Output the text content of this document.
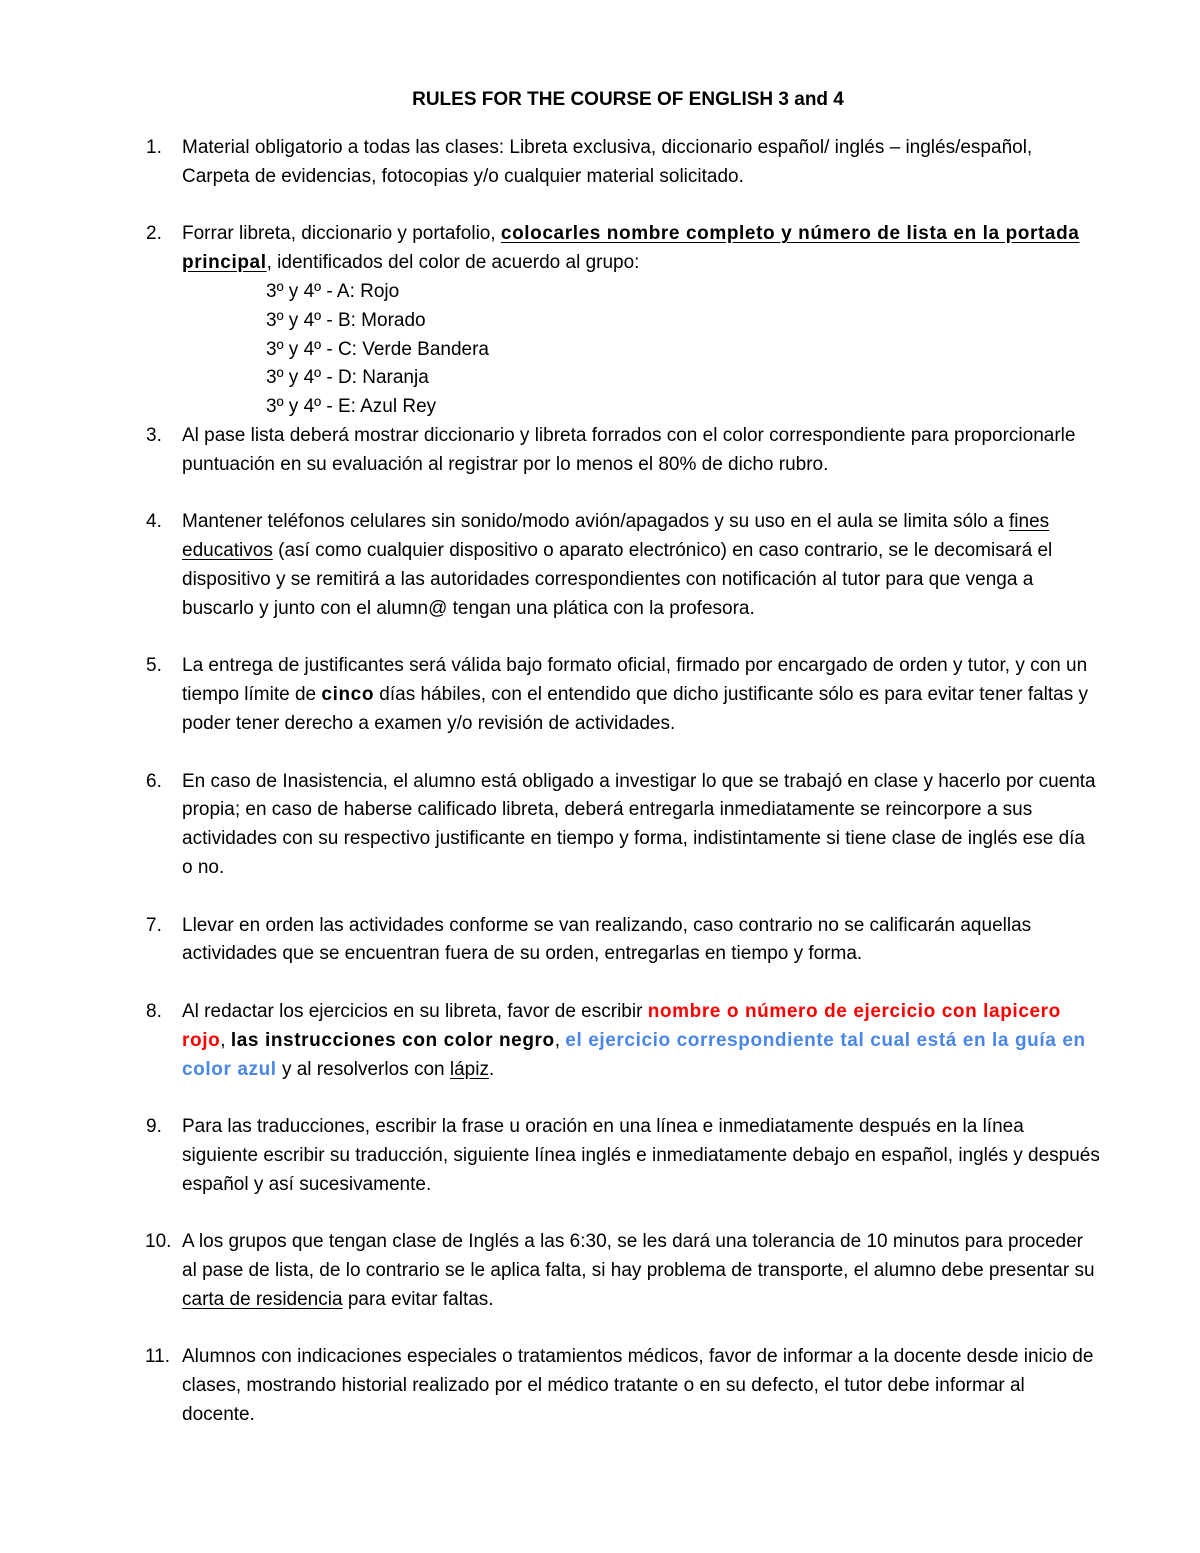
RULES FOR THE COURSE OF ENGLISH 3 and 4
1. Material obligatorio a todas las clases: Libreta exclusiva, diccionario español/ inglés – inglés/español, Carpeta de evidencias, fotocopias y/o cualquier material solicitado.
2. Forrar libreta, diccionario y portafolio, colocarles nombre completo y número de lista en la portada principal, identificados del color de acuerdo al grupo:
3º y 4º - A: Rojo
3º y 4º - B: Morado
3º y 4º - C: Verde Bandera
3º y 4º - D: Naranja
3º y 4º - E: Azul Rey
3. Al pase lista deberá mostrar diccionario y libreta forrados con el color correspondiente para proporcionarle puntuación en su evaluación al registrar por lo menos el 80% de dicho rubro.
4. Mantener teléfonos celulares sin sonido/modo avión/apagados y su uso en el aula se limita sólo a fines educativos (así como cualquier dispositivo o aparato electrónico) en caso contrario, se le decomisará el dispositivo y se remitirá a las autoridades correspondientes con notificación al tutor para que venga a buscarlo y junto con el alumn@ tengan una plática con la profesora.
5. La entrega de justificantes será válida bajo formato oficial, firmado por encargado de orden y tutor, y con un tiempo límite de cinco días hábiles, con el entendido que dicho justificante sólo es para evitar tener faltas y poder tener derecho a examen y/o revisión de actividades.
6. En caso de Inasistencia, el alumno está obligado a investigar lo que se trabajó en clase y hacerlo por cuenta propia; en caso de haberse calificado libreta, deberá entregarla inmediatamente se reincorpore a sus actividades con su respectivo justificante en tiempo y forma, indistintamente si tiene clase de inglés ese día o no.
7. Llevar en orden las actividades conforme se van realizando, caso contrario no se calificarán aquellas actividades que se encuentran fuera de su orden, entregarlas en tiempo y forma.
8. Al redactar los ejercicios en su libreta, favor de escribir nombre o número de ejercicio con lapicero rojo, las instrucciones con color negro, el ejercicio correspondiente tal cual está en la guía en color azul y al resolverlos con lápiz.
9. Para las traducciones, escribir la frase u oración en una línea e inmediatamente después en la línea siguiente escribir su traducción, siguiente línea inglés e inmediatamente debajo en español, inglés y después español y así sucesivamente.
10. A los grupos que tengan clase de Inglés a las 6:30, se les dará una tolerancia de 10 minutos para proceder al pase de lista, de lo contrario se le aplica falta, si hay problema de transporte, el alumno debe presentar su carta de residencia para evitar faltas.
11. Alumnos con indicaciones especiales o tratamientos médicos, favor de informar a la docente desde inicio de clases, mostrando historial realizado por el médico tratante o en su defecto, el tutor debe informar al docente.
